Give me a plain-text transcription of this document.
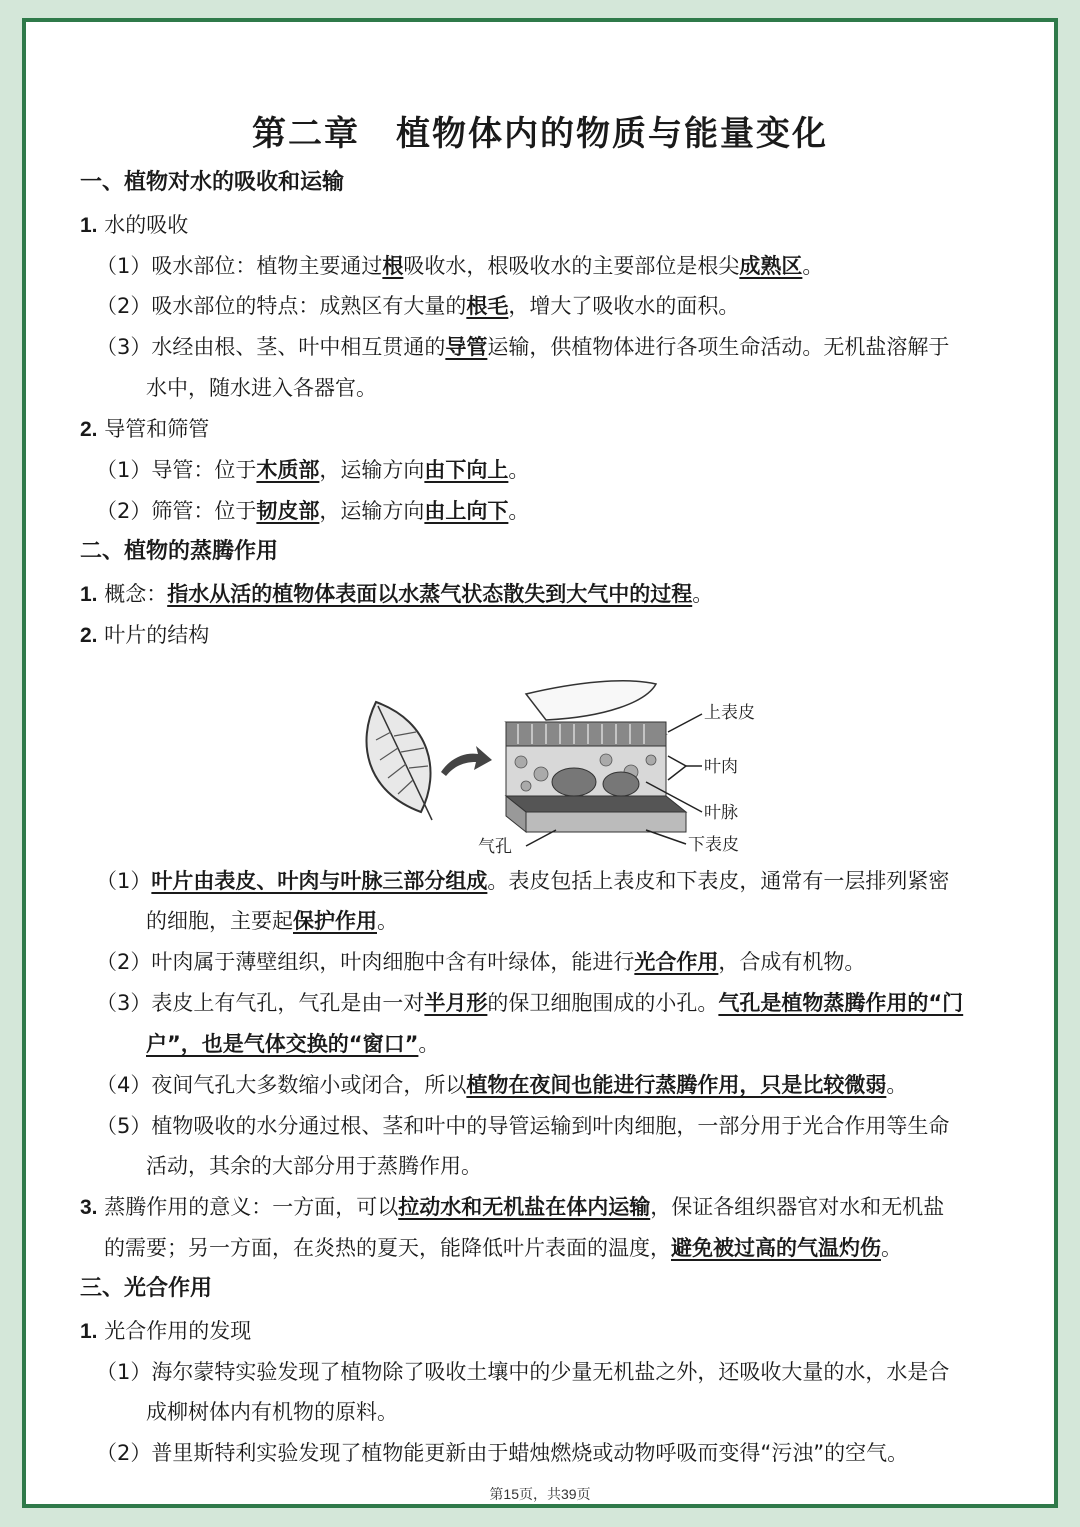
第二章　植物体内的物质与能量变化
一、植物对水的吸收和运输
1. 水的吸收
（1）吸水部位：植物主要通过根吸收水，根吸收水的主要部位是根尖成熟区。
（2）吸水部位的特点：成熟区有大量的根毛，增大了吸收水的面积。
（3）水经由根、茎、叶中相互贯通的导管运输，供植物体进行各项生命活动。无机盐溶解于
水中，随水进入各器官。
2. 导管和筛管
（1）导管：位于木质部，运输方向由下向上。
（2）筛管：位于韧皮部，运输方向由上向下。
二、植物的蒸腾作用
1. 概念：指水从活的植物体表面以水蒸气状态散失到大气中的过程。
2. 叶片的结构
上表皮
叶肉
叶脉
气孔	下表皮
（1）叶片由表皮、叶肉与叶脉三部分组成。表皮包括上表皮和下表皮，通常有一层排列紧密
的细胞，主要起保护作用。
（2）叶肉属于薄壁组织，叶肉细胞中含有叶绿体，能进行光合作用，合成有机物。
（3）表皮上有气孔，气孔是由一对半月形的保卫细胞围成的小孔。气孔是植物蒸腾作用的“门
户”，也是气体交换的“窗口”。
（4）夜间气孔大多数缩小或闭合，所以植物在夜间也能进行蒸腾作用，只是比较微弱。
（5）植物吸收的水分通过根、茎和叶中的导管运输到叶肉细胞，一部分用于光合作用等生命
活动，其余的大部分用于蒸腾作用。
3. 蒸腾作用的意义：一方面，可以拉动水和无机盐在体内运输，保证各组织器官对水和无机盐
的需要；另一方面，在炎热的夏天，能降低叶片表面的温度，避免被过高的气温灼伤。
三、光合作用
1. 光合作用的发现
（1）海尔蒙特实验发现了植物除了吸收土壤中的少量无机盐之外，还吸收大量的水，水是合
成柳树体内有机物的原料。
（2）普里斯特利实验发现了植物能更新由于蜡烛燃烧或动物呼吸而变得“污浊”的空气。
第15页，共39页
